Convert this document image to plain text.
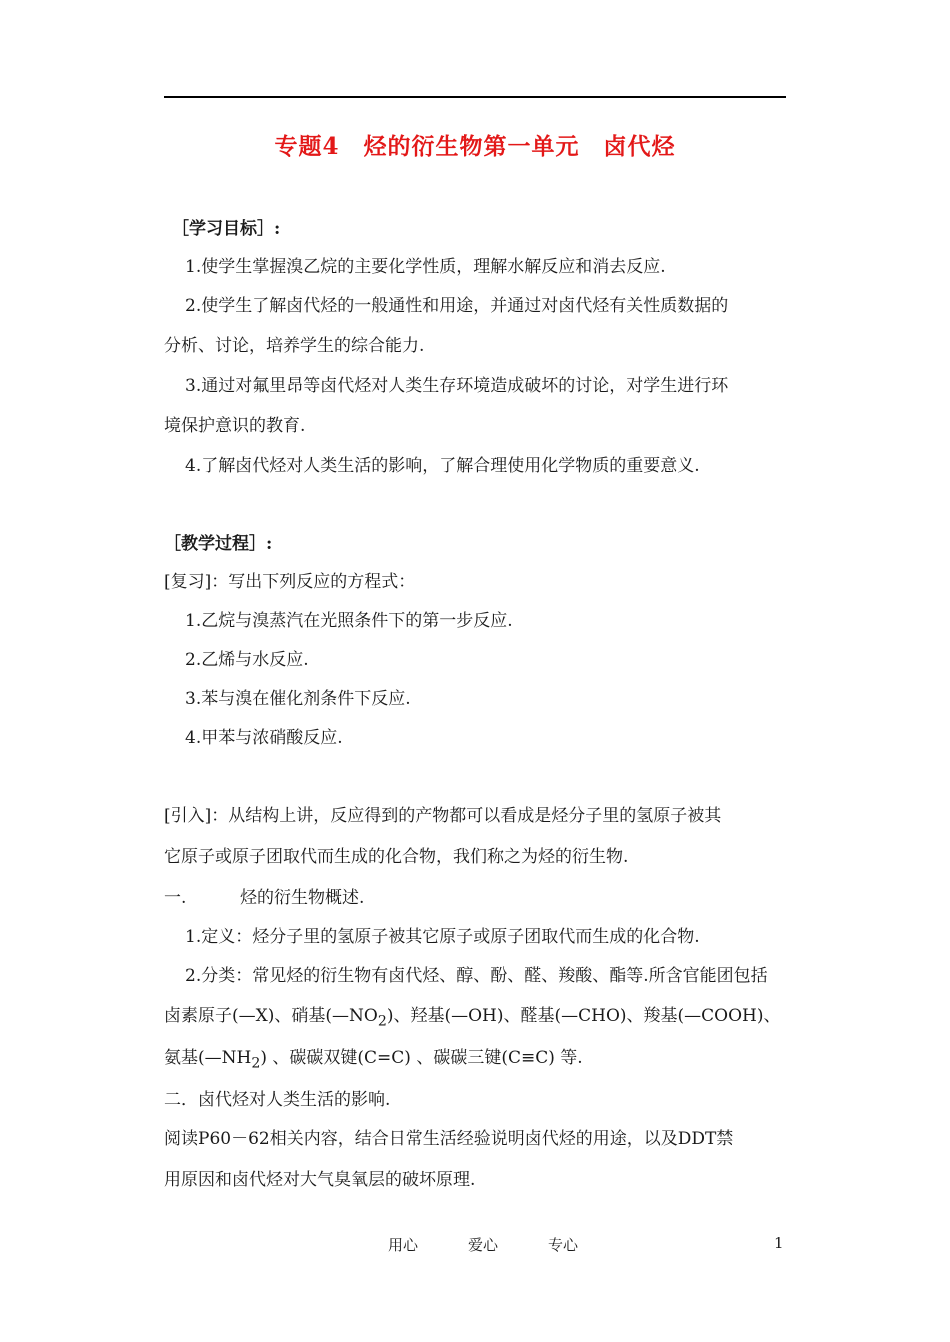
专题4　烃的衍生物第一单元　卤代烃
［学习目标］:
1.使学生掌握溴乙烷的主要化学性质，理解水解反应和消去反应.
2.使学生了解卤代烃的一般通性和用途，并通过对卤代烃有关性质数据的
分析、讨论，培养学生的综合能力.
3.通过对氟里昂等卤代烃对人类生存环境造成破坏的讨论，对学生进行环
境保护意识的教育.
4.了解卤代烃对人类生活的影响，了解合理使用化学物质的重要意义.
［教学过程］:
[复习]：写出下列反应的方程式：
1.乙烷与溴蒸汽在光照条件下的第一步反应.
2.乙烯与水反应.
3.苯与溴在催化剂条件下反应.
4.甲苯与浓硝酸反应.
[引入]：从结构上讲，反应得到的产物都可以看成是烃分子里的氢原子被其
它原子或原子团取代而生成的化合物，我们称之为烃的衍生物.
一.	烃的衍生物概述.
1.定义：烃分子里的氢原子被其它原子或原子团取代而生成的化合物.
2.分类：常见烃的衍生物有卤代烃、醇、酚、醛、羧酸、酯等.所含官能团包括
卤素原子(—X)、硝基$(—NO_2)$、羟基(—OH)、醛基(—CHO)、羧基(—COOH)、
氨基$(—NH_2)$ 、碳碳双键(C=C) 、碳碳三键(C≡C) 等.
二．卤代烃对人类生活的影响.
阅读P60－62相关内容，结合日常生活经验说明卤代烃的用途，以及DDT禁
用原因和卤代烃对大气臭氧层的破坏原理.
用心	爱心	专心	1
